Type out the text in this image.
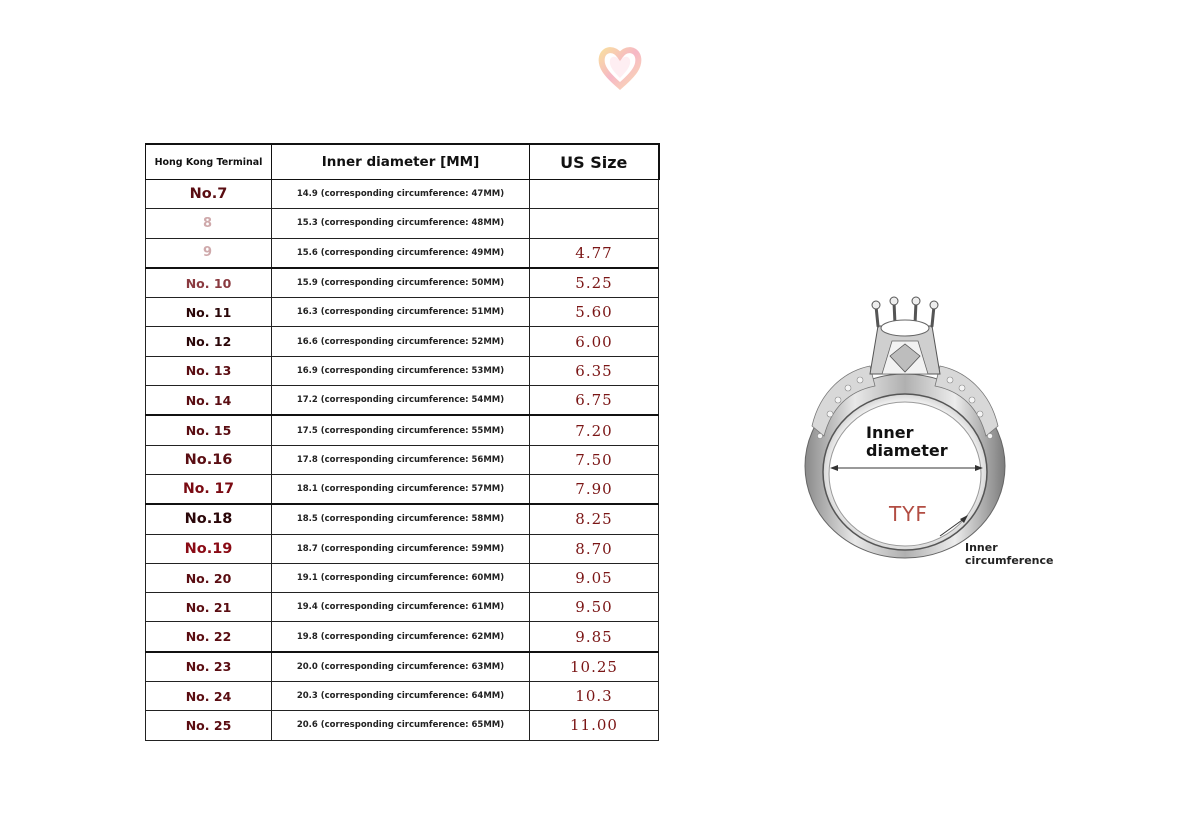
Hong Kong Terminal	Inner diameter [MM]	US Size
No.7	14.9 (corresponding circumference: 47MM)	
8	15.3 (corresponding circumference: 48MM)	
9	15.6 (corresponding circumference: 49MM)	4.77
No. 10	15.9 (corresponding circumference: 50MM)	5.25
No. 11	16.3 (corresponding circumference: 51MM)	5.60
No. 12	16.6 (corresponding circumference: 52MM)	6.00
No. 13	16.9 (corresponding circumference: 53MM)	6.35
No. 14	17.2 (corresponding circumference: 54MM)	6.75
No. 15	17.5 (corresponding circumference: 55MM)	7.20
No.16	17.8 (corresponding circumference: 56MM)	7.50
No. 17	18.1 (corresponding circumference: 57MM)	7.90
No.18	18.5 (corresponding circumference: 58MM)	8.25
No.19	18.7 (corresponding circumference: 59MM)	8.70
No. 20	19.1 (corresponding circumference: 60MM)	9.05
No. 21	19.4 (corresponding circumference: 61MM)	9.50
No. 22	19.8 (corresponding circumference: 62MM)	9.85
No. 23	20.0 (corresponding circumference: 63MM)	10.25
No. 24	20.3 (corresponding circumference: 64MM)	10.3
No. 25	20.6 (corresponding circumference: 65MM)	11.00
Inner diameter
TYF
Inner circumference
